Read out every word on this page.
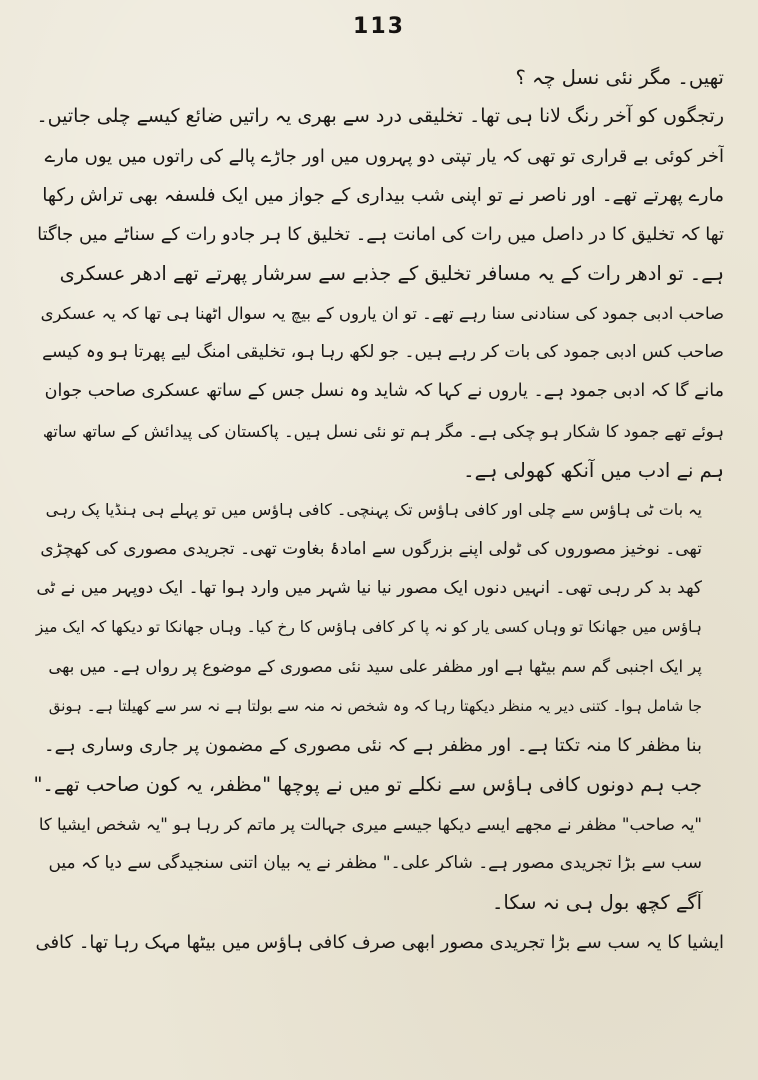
113

تھیں۔ مگر نئی نسل چہ ؟
رتجگوں کو آخر رنگ لانا ہی تھا۔ تخلیقی درد سے بھری یہ راتیں ضائع کیسے چلی جاتیں۔
آخر کوئی بے قراری تو تھی کہ یار تپتی دو پہروں میں اور جاڑے پالے کی راتوں میں یوں مارے
مارے پھرتے تھے۔ اور ناصر نے تو اپنی شب بیداری کے جواز میں ایک فلسفہ بھی تراش رکھا
تھا کہ تخلیق کا در داصل میں رات کی امانت ہے۔ تخلیق کا ہر جادو رات کے سناٹے میں جاگتا
ہے۔ تو ادھر رات کے یہ مسافر تخلیق کے جذبے سے سرشار پھرتے تھے ادھر عسکری
صاحب ادبی جمود کی سنادنی سنا رہے تھے۔ تو ان یاروں کے بیچ یہ سوال اٹھنا ہی تھا کہ یہ عسکری
صاحب کس ادبی جمود کی بات کر رہے ہیں۔ جو لکھ رہا ہو، تخلیقی امنگ لیے پھرتا ہو وہ کیسے
مانے گا کہ ادبی جمود ہے۔ یاروں نے کہا کہ شاید وہ نسل جس کے ساتھ عسکری صاحب جوان
ہوئے تھے جمود کا شکار ہو چکی ہے۔ مگر ہم تو نئی نسل ہیں۔ پاکستان کی پیدائش کے ساتھ ساتھ
ہم نے ادب میں آنکھ کھولی ہے۔

یہ بات ٹی ہاؤس سے چلی اور کافی ہاؤس تک پہنچی۔ کافی ہاؤس میں تو پہلے ہی ہنڈیا پک رہی
تھی۔ نوخیز مصوروں کی ٹولی اپنے بزرگوں سے امادۂ بغاوت تھی۔ تجریدی مصوری کی کھچڑی
کھد بد کر رہی تھی۔ انہیں دنوں ایک مصور نیا نیا شہر میں وارد ہوا تھا۔ ایک دوپہر میں نے ٹی
ہاؤس میں جھانکا تو وہاں کسی یار کو نہ پا کر کافی ہاؤس کا رخ کیا۔ وہاں جھانکا تو دیکھا کہ ایک میز
پر ایک اجنبی گم سم بیٹھا ہے اور مظفر علی سید نئی مصوری کے موضوع پر رواں ہے۔ میں بھی
جا شامل ہوا۔ کتنی دیر یہ منظر دیکھتا رہا کہ وہ شخص نہ منہ سے بولتا ہے نہ سر سے کھیلتا ہے۔ ہونق
بنا مظفر کا منہ تکتا ہے۔ اور مظفر ہے کہ نئی مصوری کے مضمون پر جاری وساری ہے۔

جب ہم دونوں کافی ہاؤس سے نکلے تو میں نے پوچھا "مظفر، یہ کون صاحب تھے۔"

"یہ صاحب" مظفر نے مجھے ایسے دیکھا جیسے میری جہالت پر ماتم کر رہا ہو "یہ شخص ایشیا کا
سب سے بڑا تجریدی مصور ہے۔ شاکر علی۔" مظفر نے یہ بیان اتنی سنجیدگی سے دیا کہ میں
آگے کچھ بول ہی نہ سکا۔

ایشیا کا یہ سب سے بڑا تجریدی مصور ابھی صرف کافی ہاؤس میں بیٹھا مہک رہا تھا۔ کافی
